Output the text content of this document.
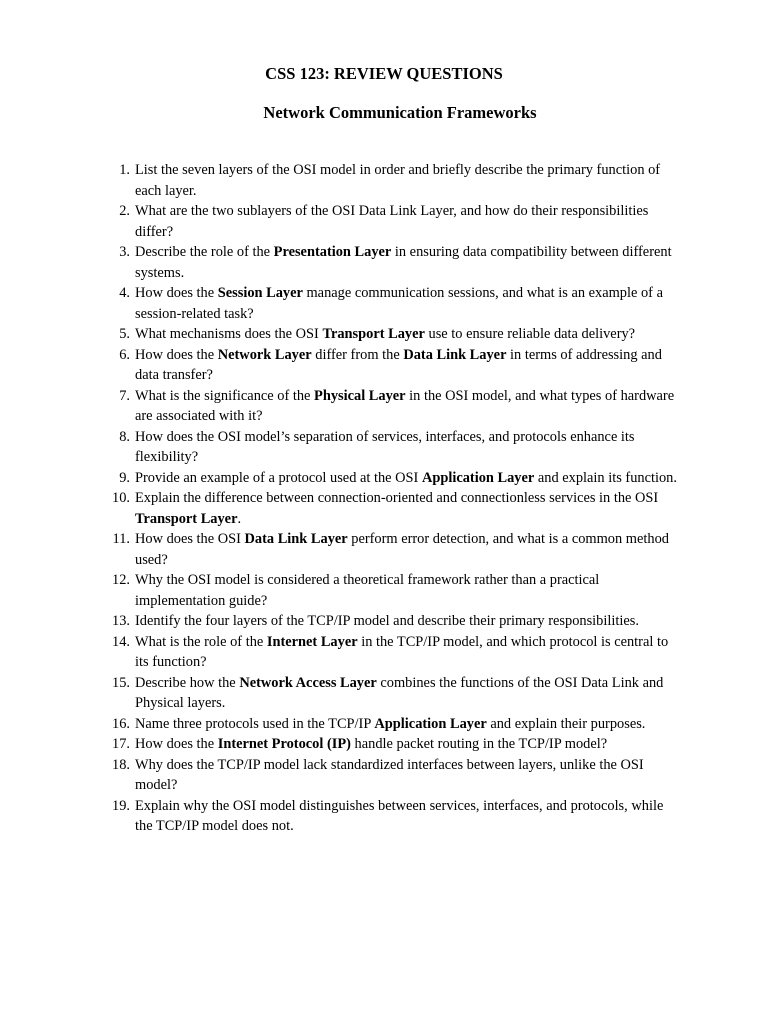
CSS 123: REVIEW QUESTIONS
Network Communication Frameworks
1. List the seven layers of the OSI model in order and briefly describe the primary function of each layer.
2. What are the two sublayers of the OSI Data Link Layer, and how do their responsibilities differ?
3. Describe the role of the Presentation Layer in ensuring data compatibility between different systems.
4. How does the Session Layer manage communication sessions, and what is an example of a session-related task?
5. What mechanisms does the OSI Transport Layer use to ensure reliable data delivery?
6. How does the Network Layer differ from the Data Link Layer in terms of addressing and data transfer?
7. What is the significance of the Physical Layer in the OSI model, and what types of hardware are associated with it?
8. How does the OSI model’s separation of services, interfaces, and protocols enhance its flexibility?
9. Provide an example of a protocol used at the OSI Application Layer and explain its function.
10. Explain the difference between connection-oriented and connectionless services in the OSI Transport Layer.
11. How does the OSI Data Link Layer perform error detection, and what is a common method used?
12. Why the OSI model is considered a theoretical framework rather than a practical implementation guide?
13. Identify the four layers of the TCP/IP model and describe their primary responsibilities.
14. What is the role of the Internet Layer in the TCP/IP model, and which protocol is central to its function?
15. Describe how the Network Access Layer combines the functions of the OSI Data Link and Physical layers.
16. Name three protocols used in the TCP/IP Application Layer and explain their purposes.
17. How does the Internet Protocol (IP) handle packet routing in the TCP/IP model?
18. Why does the TCP/IP model lack standardized interfaces between layers, unlike the OSI model?
19. Explain why the OSI model distinguishes between services, interfaces, and protocols, while the TCP/IP model does not.
